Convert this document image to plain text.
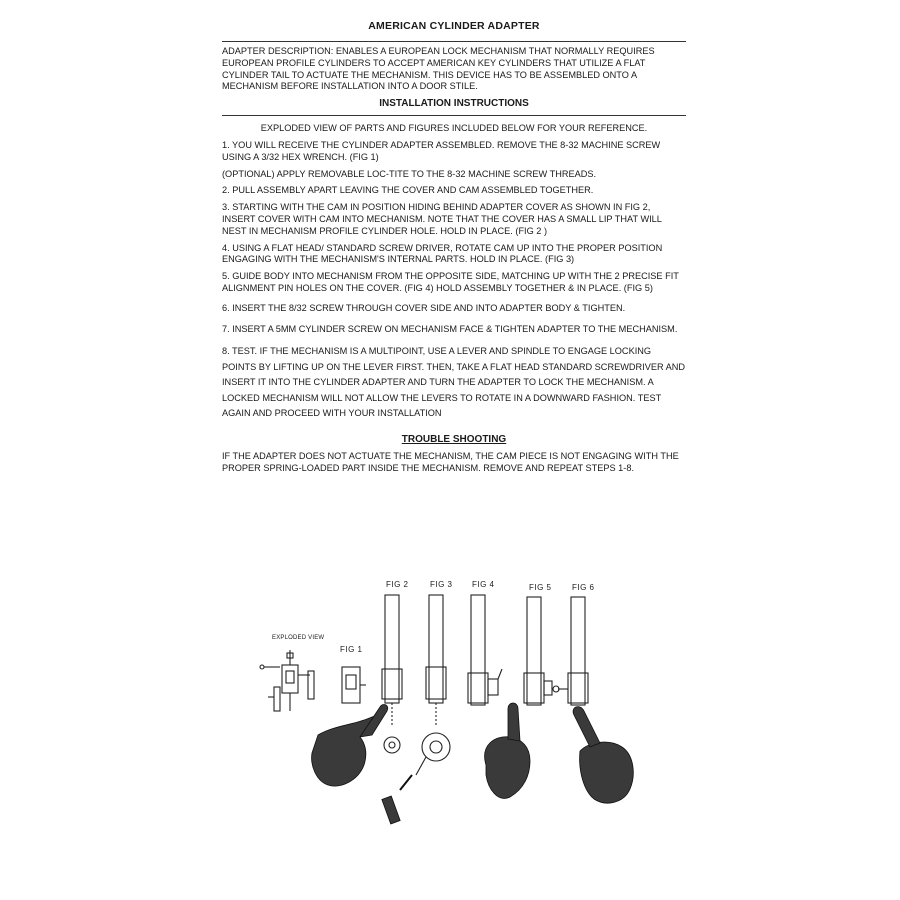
AMERICAN CYLINDER ADAPTER

ADAPTER DESCRIPTION: ENABLES A EUROPEAN LOCK MECHANISM THAT NORMALLY REQUIRES EUROPEAN PROFILE CYLINDERS TO ACCEPT AMERICAN KEY CYLINDERS THAT UTILIZE A FLAT CYLINDER TAIL TO ACTUATE THE MECHANISM. THIS DEVICE HAS TO BE ASSEMBLED ONTO A MECHANISM BEFORE INSTALLATION INTO A DOOR STILE.

INSTALLATION INSTRUCTIONS

EXPLODED VIEW OF PARTS AND FIGURES INCLUDED BELOW FOR YOUR REFERENCE.

1. YOU WILL RECEIVE THE CYLINDER ADAPTER ASSEMBLED. REMOVE THE 8-32 MACHINE SCREW USING A 3/32 HEX WRENCH. (FIG 1)

(OPTIONAL) APPLY REMOVABLE LOC-TITE TO THE 8-32 MACHINE SCREW THREADS.

2. PULL ASSEMBLY APART LEAVING THE COVER AND CAM ASSEMBLED TOGETHER.

3. STARTING WITH THE CAM IN POSITION HIDING BEHIND ADAPTER COVER AS SHOWN IN FIG 2, INSERT COVER WITH CAM INTO MECHANISM. NOTE THAT THE COVER HAS A SMALL LIP THAT WILL NEST IN MECHANISM PROFILE CYLINDER HOLE. HOLD IN PLACE. (FIG 2 )

4. USING A FLAT HEAD/ STANDARD SCREW DRIVER, ROTATE CAM UP INTO THE PROPER POSITION ENGAGING WITH THE MECHANISM'S INTERNAL PARTS. HOLD IN PLACE. (FIG 3)

5. GUIDE BODY INTO MECHANISM FROM THE OPPOSITE SIDE, MATCHING UP WITH THE 2 PRECISE FIT ALIGNMENT PIN HOLES ON THE COVER. (FIG 4) HOLD ASSEMBLY TOGETHER & IN PLACE. (FIG 5)

6. INSERT THE 8/32 SCREW THROUGH COVER SIDE AND INTO ADAPTER BODY & TIGHTEN.

7. INSERT A 5MM CYLINDER SCREW ON MECHANISM FACE & TIGHTEN ADAPTER TO THE MECHANISM.

8. TEST. IF THE MECHANISM IS A MULTIPOINT, USE A LEVER AND SPINDLE TO ENGAGE LOCKING POINTS BY LIFTING UP ON THE LEVER FIRST. THEN, TAKE A FLAT HEAD STANDARD SCREWDRIVER AND INSERT IT INTO THE CYLINDER ADAPTER AND TURN THE ADAPTER TO LOCK THE MECHANISM. A LOCKED MECHANISM WILL NOT ALLOW THE LEVERS TO ROTATE IN A DOWNWARD FASHION. TEST AGAIN AND PROCEED WITH YOUR INSTALLATION

TROUBLE SHOOTING

IF THE ADAPTER DOES NOT ACTUATE THE MECHANISM, THE CAM PIECE IS NOT ENGAGING WITH THE PROPER SPRING-LOADED PART INSIDE THE MECHANISM. REMOVE AND REPEAT STEPS 1-8.

EXPLODED VIEW
FIG 1
FIG 2	FIG 3 FIG 4	FIG 5	FIG 6
